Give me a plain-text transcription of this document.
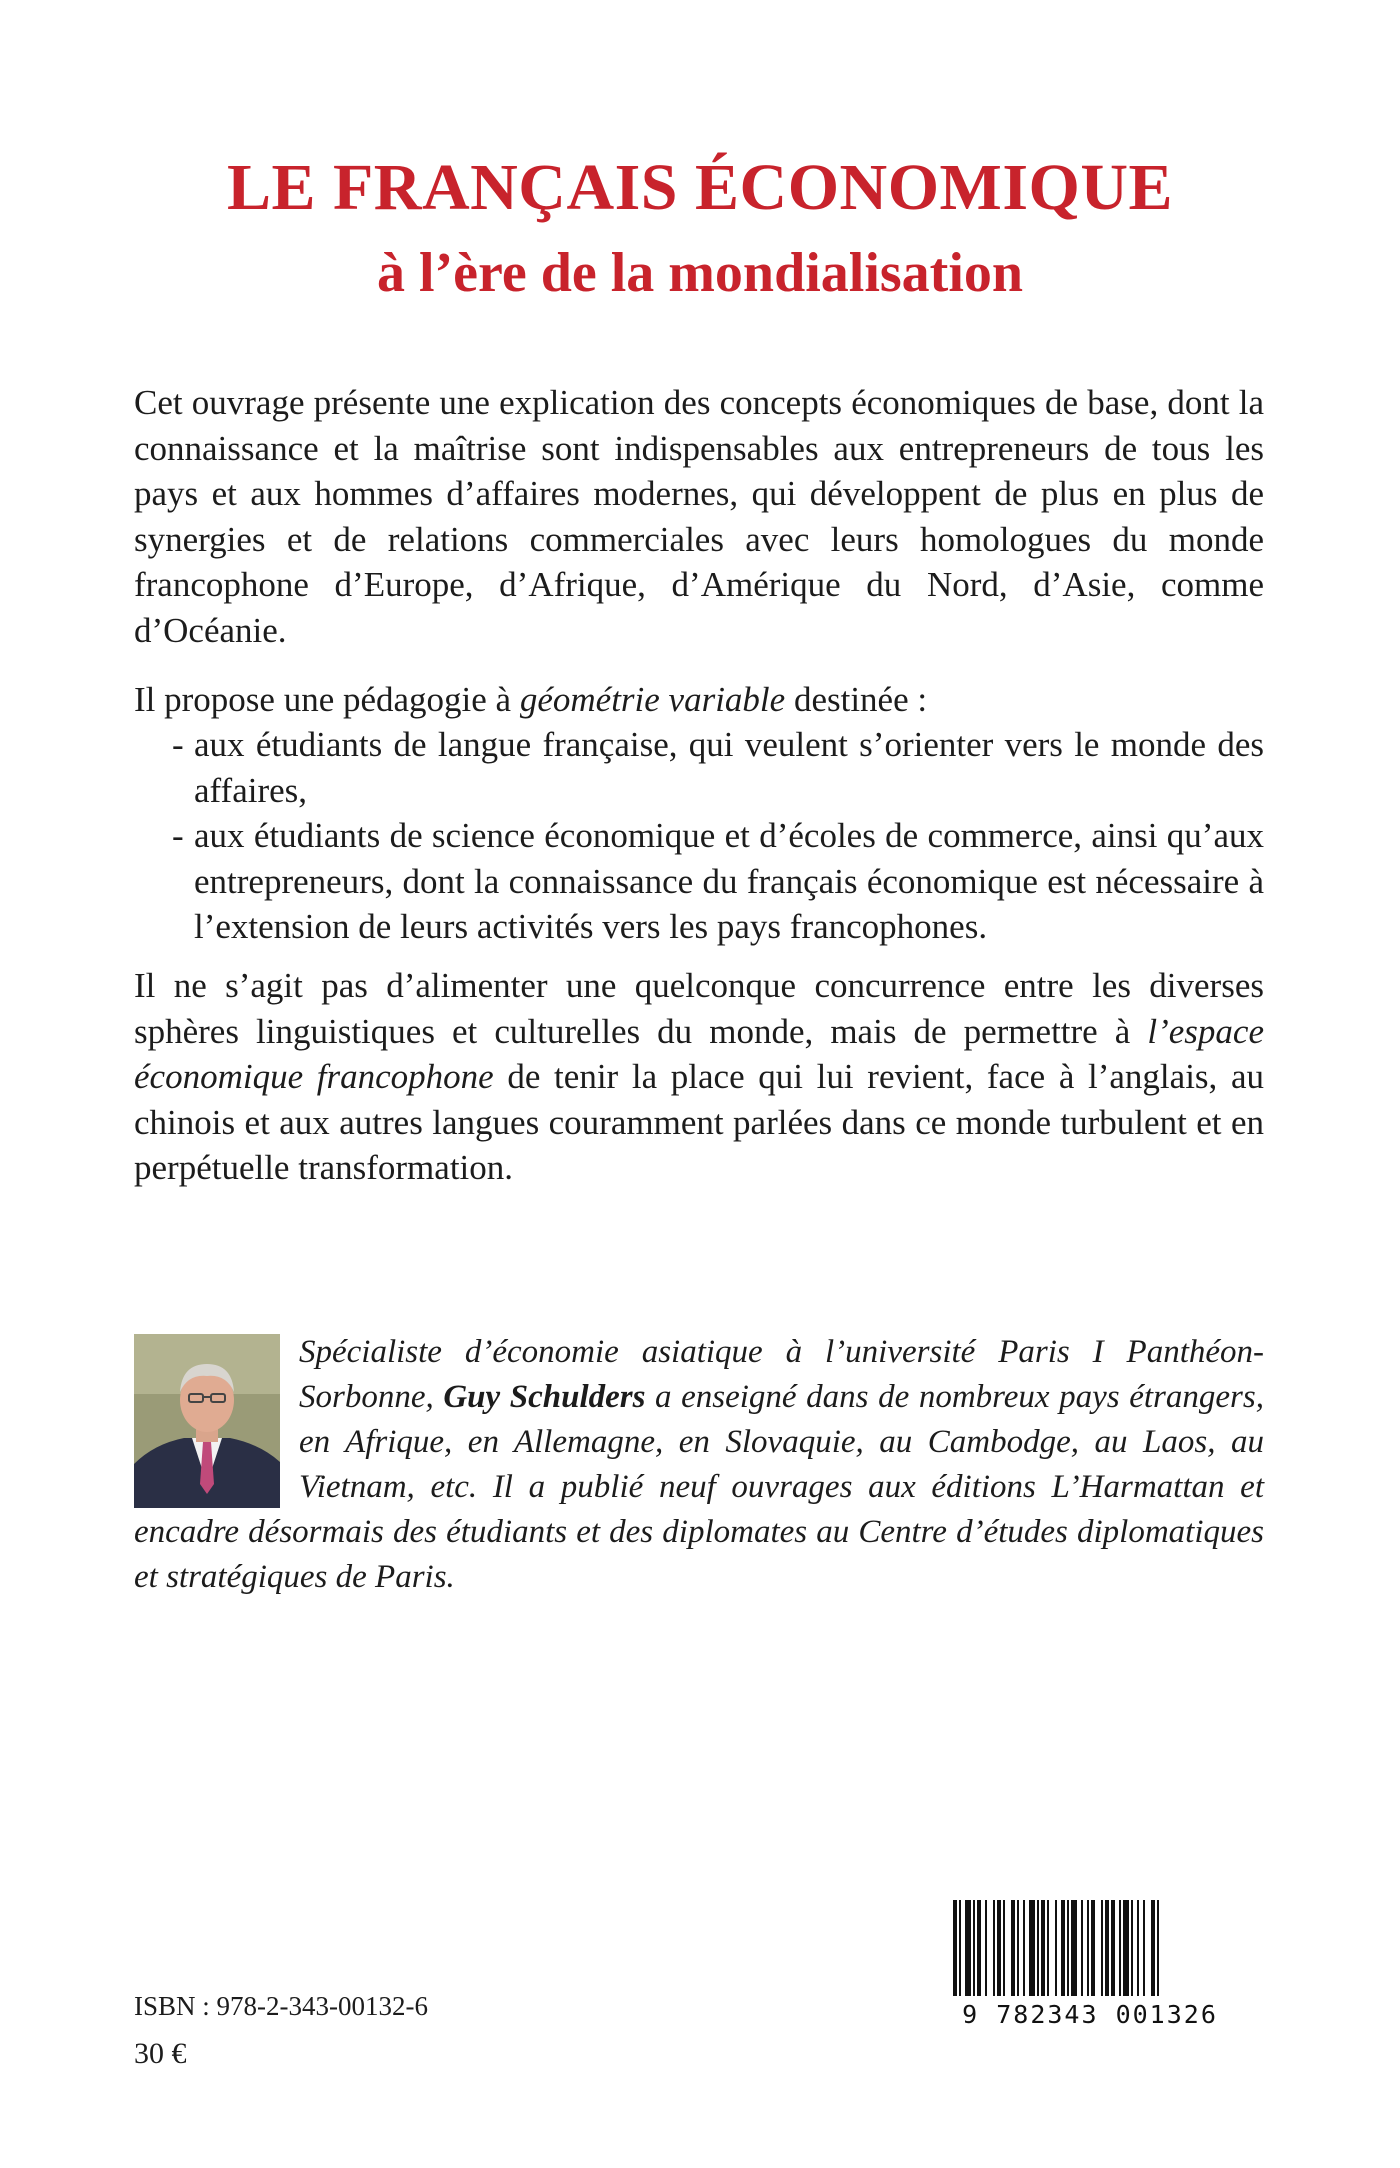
LE FRANÇAIS ÉCONOMIQUE
à l’ère de la mondialisation

Cet ouvrage présente une explication des concepts économiques de base, dont la connaissance et la maîtrise sont indispensables aux entrepreneurs de tous les pays et aux hommes d’affaires modernes, qui développent de plus en plus de synergies et de relations commerciales avec leurs homologues du monde francophone d’Europe, d’Afrique, d’Amérique du Nord, d’Asie, comme d’Océanie.

Il propose une pédagogie à géométrie variable destinée :

- aux étudiants de langue française, qui veulent s’orienter vers le monde des affaires,

- aux étudiants de science économique et d’écoles de commerce, ainsi qu’aux entrepreneurs, dont la connaissance du français économique est nécessaire à l’extension de leurs activités vers les pays francophones.

Il ne s’agit pas d’alimenter une quelconque concurrence entre les diverses sphères linguistiques et culturelles du monde, mais de permettre à l’espace économique francophone de tenir la place qui lui revient, face à l’anglais, au chinois et aux autres langues couramment parlées dans ce monde turbulent et en perpétuelle transformation.

Spécialiste d’économie asiatique à l’université Paris I Panthéon-Sorbonne, Guy Schulders a enseigné dans de nombreux pays étrangers, en Afrique, en Allemagne, en Slovaquie, au Cambodge, au Laos, au Vietnam, etc. Il a publié neuf ouvrages aux éditions L’Harmattan et encadre désormais des étudiants et des diplomates au Centre d’études diplomatiques et stratégiques de Paris.

ISBN : 978-2-343-00132-6
30 €
9 782343 001326
